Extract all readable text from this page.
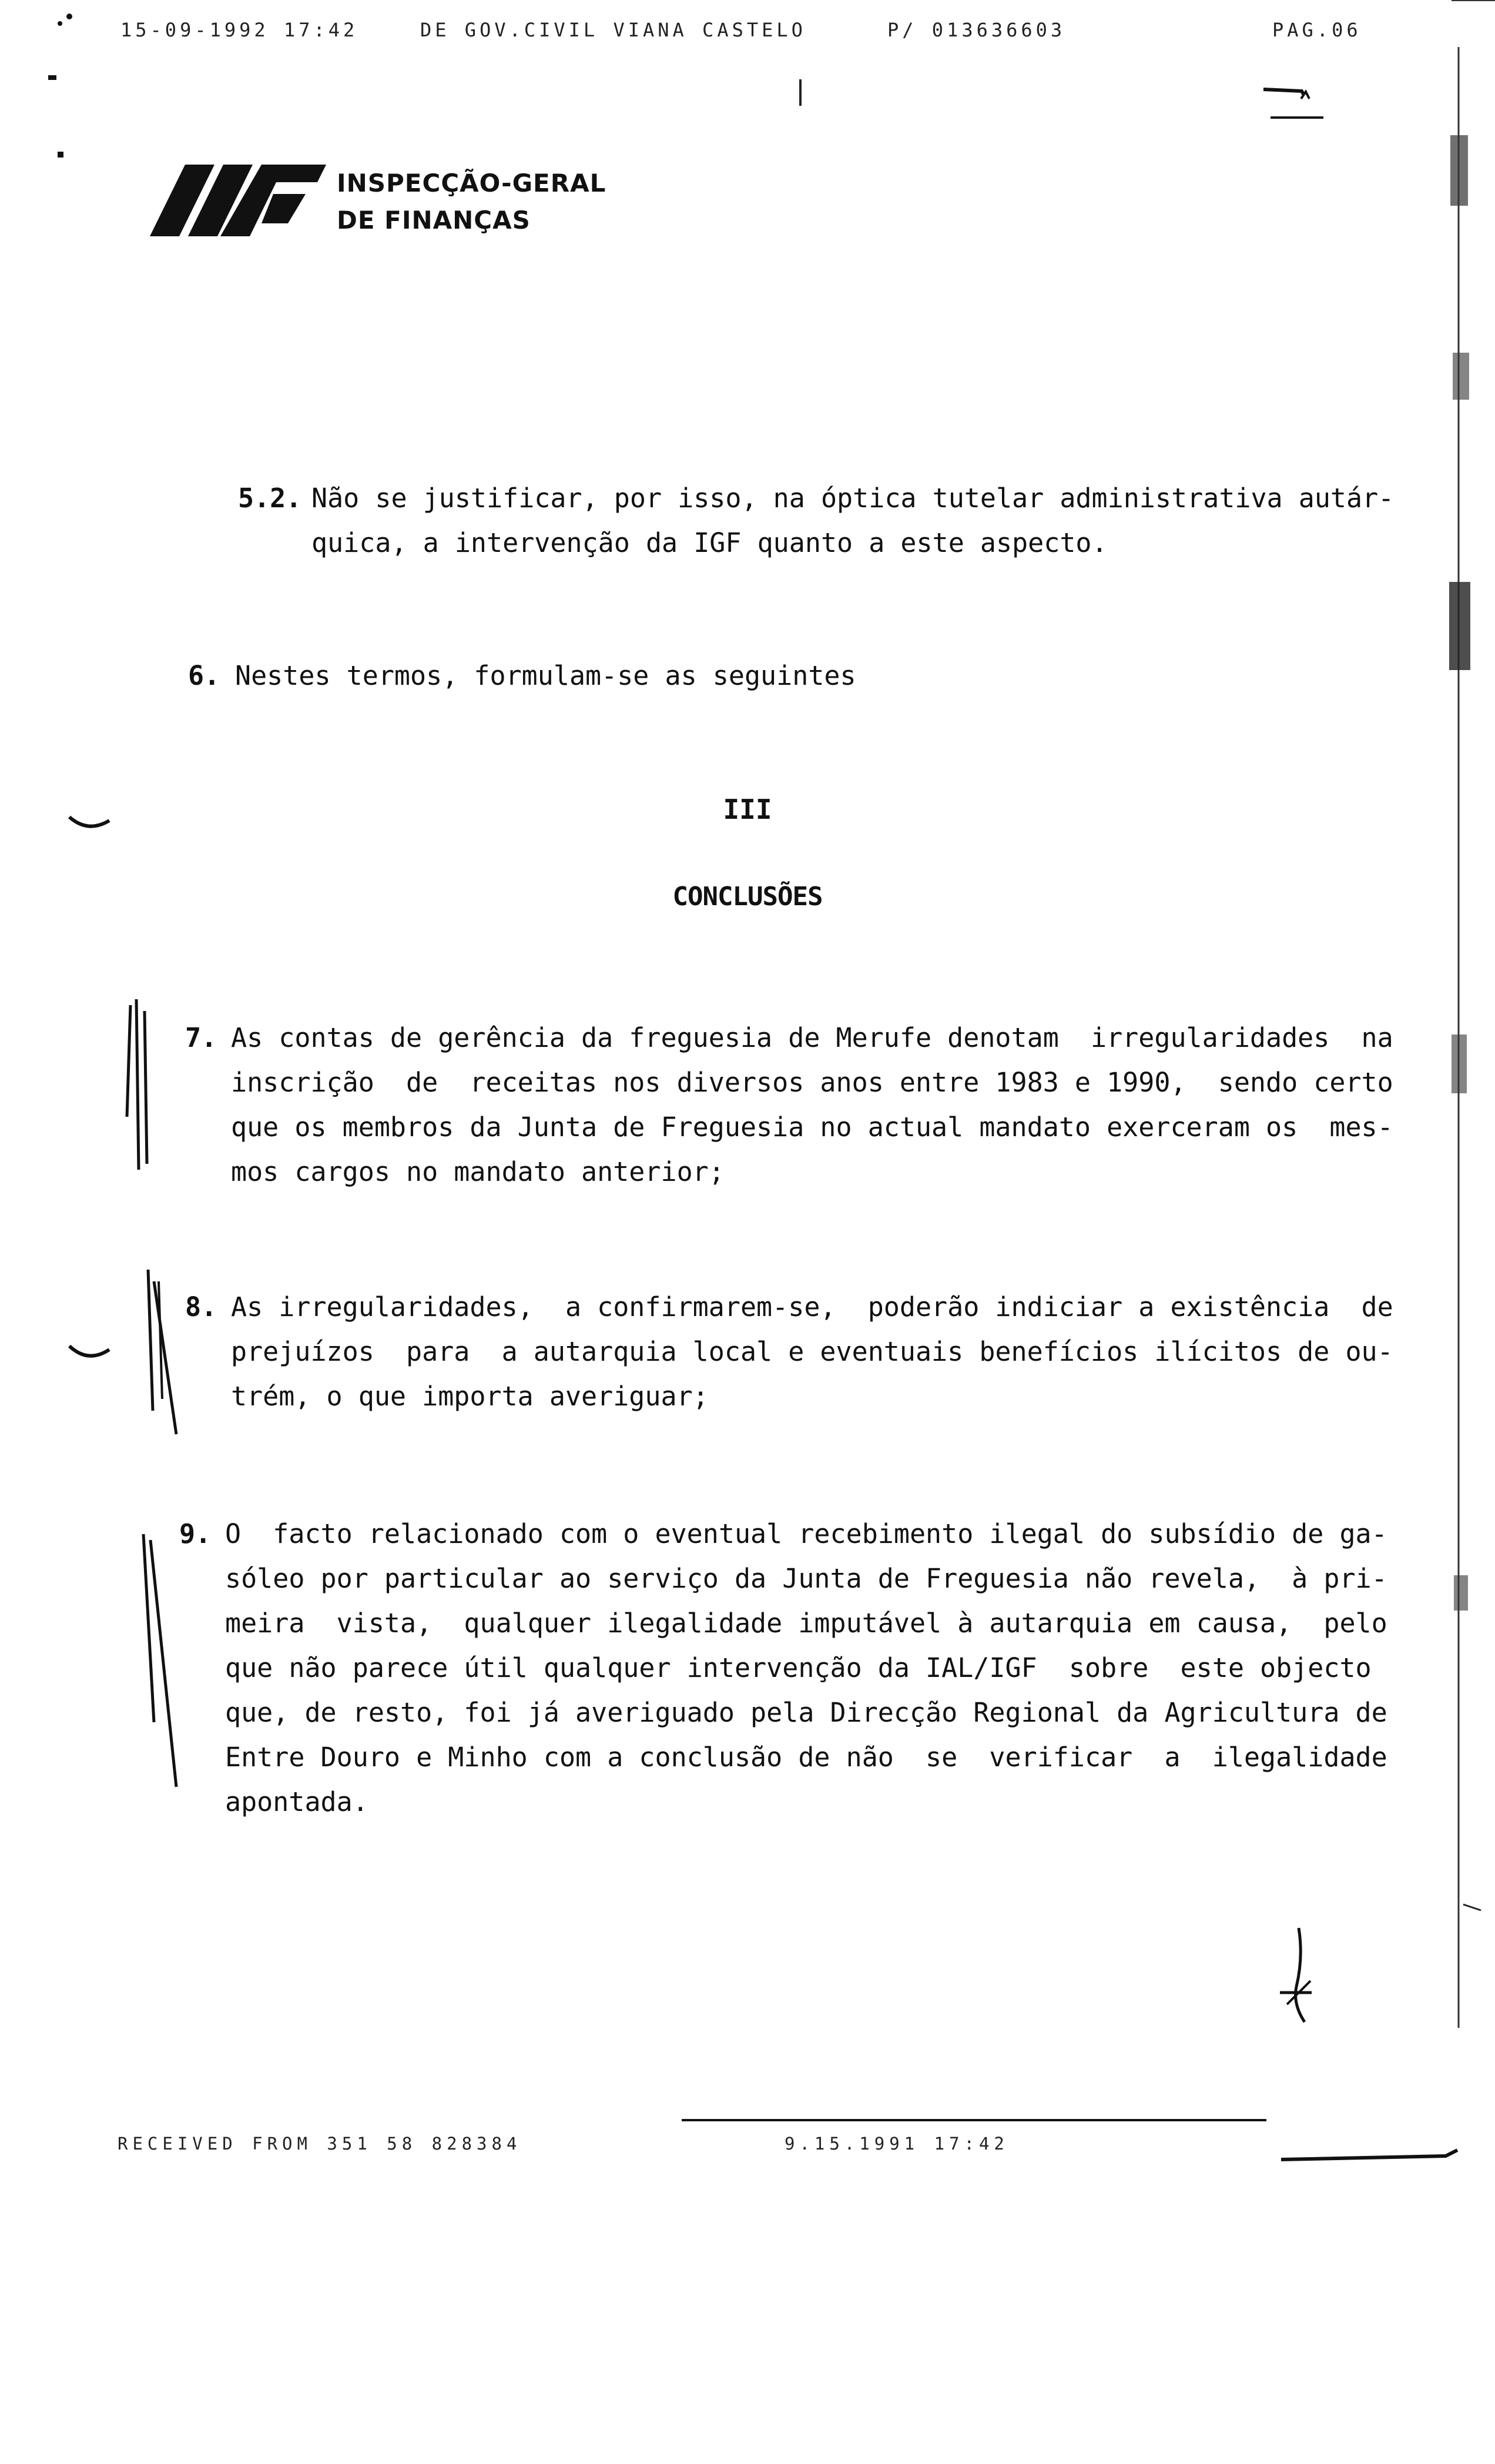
15-09-1992 17:42	DE GOV.CIVIL VIANA CASTELO	P/ 013636603	PAG.06
INSPECÇÃO-GERAL
DE FINANÇAS
5.2. Não se justificar, por isso, na óptica tutelar administrativa autár-
quica, a intervenção da IGF quanto a este aspecto.
6. Nestes termos, formulam-se as seguintes
III
CONCLUSÕES
7. As contas de gerência da freguesia de Merufe denotam  irregularidades  na
inscrição  de  receitas nos diversos anos entre 1983 e 1990,  sendo certo
que os membros da Junta de Freguesia no actual mandato exerceram os  mes-
mos cargos no mandato anterior;
8. As irregularidades,  a confirmarem-se,  poderão indiciar a existência  de
prejuízos  para  a autarquia local e eventuais benefícios ilícitos de ou-
trém, o que importa averiguar;
9. O  facto relacionado com o eventual recebimento ilegal do subsídio de ga-
sóleo por particular ao serviço da Junta de Freguesia não revela,  à pri-
meira  vista,  qualquer ilegalidade imputável à autarquia em causa,  pelo
que não parece útil qualquer intervenção da IAL/IGF  sobre  este objecto
que, de resto, foi já averiguado pela Direcção Regional da Agricultura de
Entre Douro e Minho com a conclusão de não  se  verificar  a  ilegalidade
apontada.
RECEIVED FROM 351 58 828384	9.15.1991 17:42
